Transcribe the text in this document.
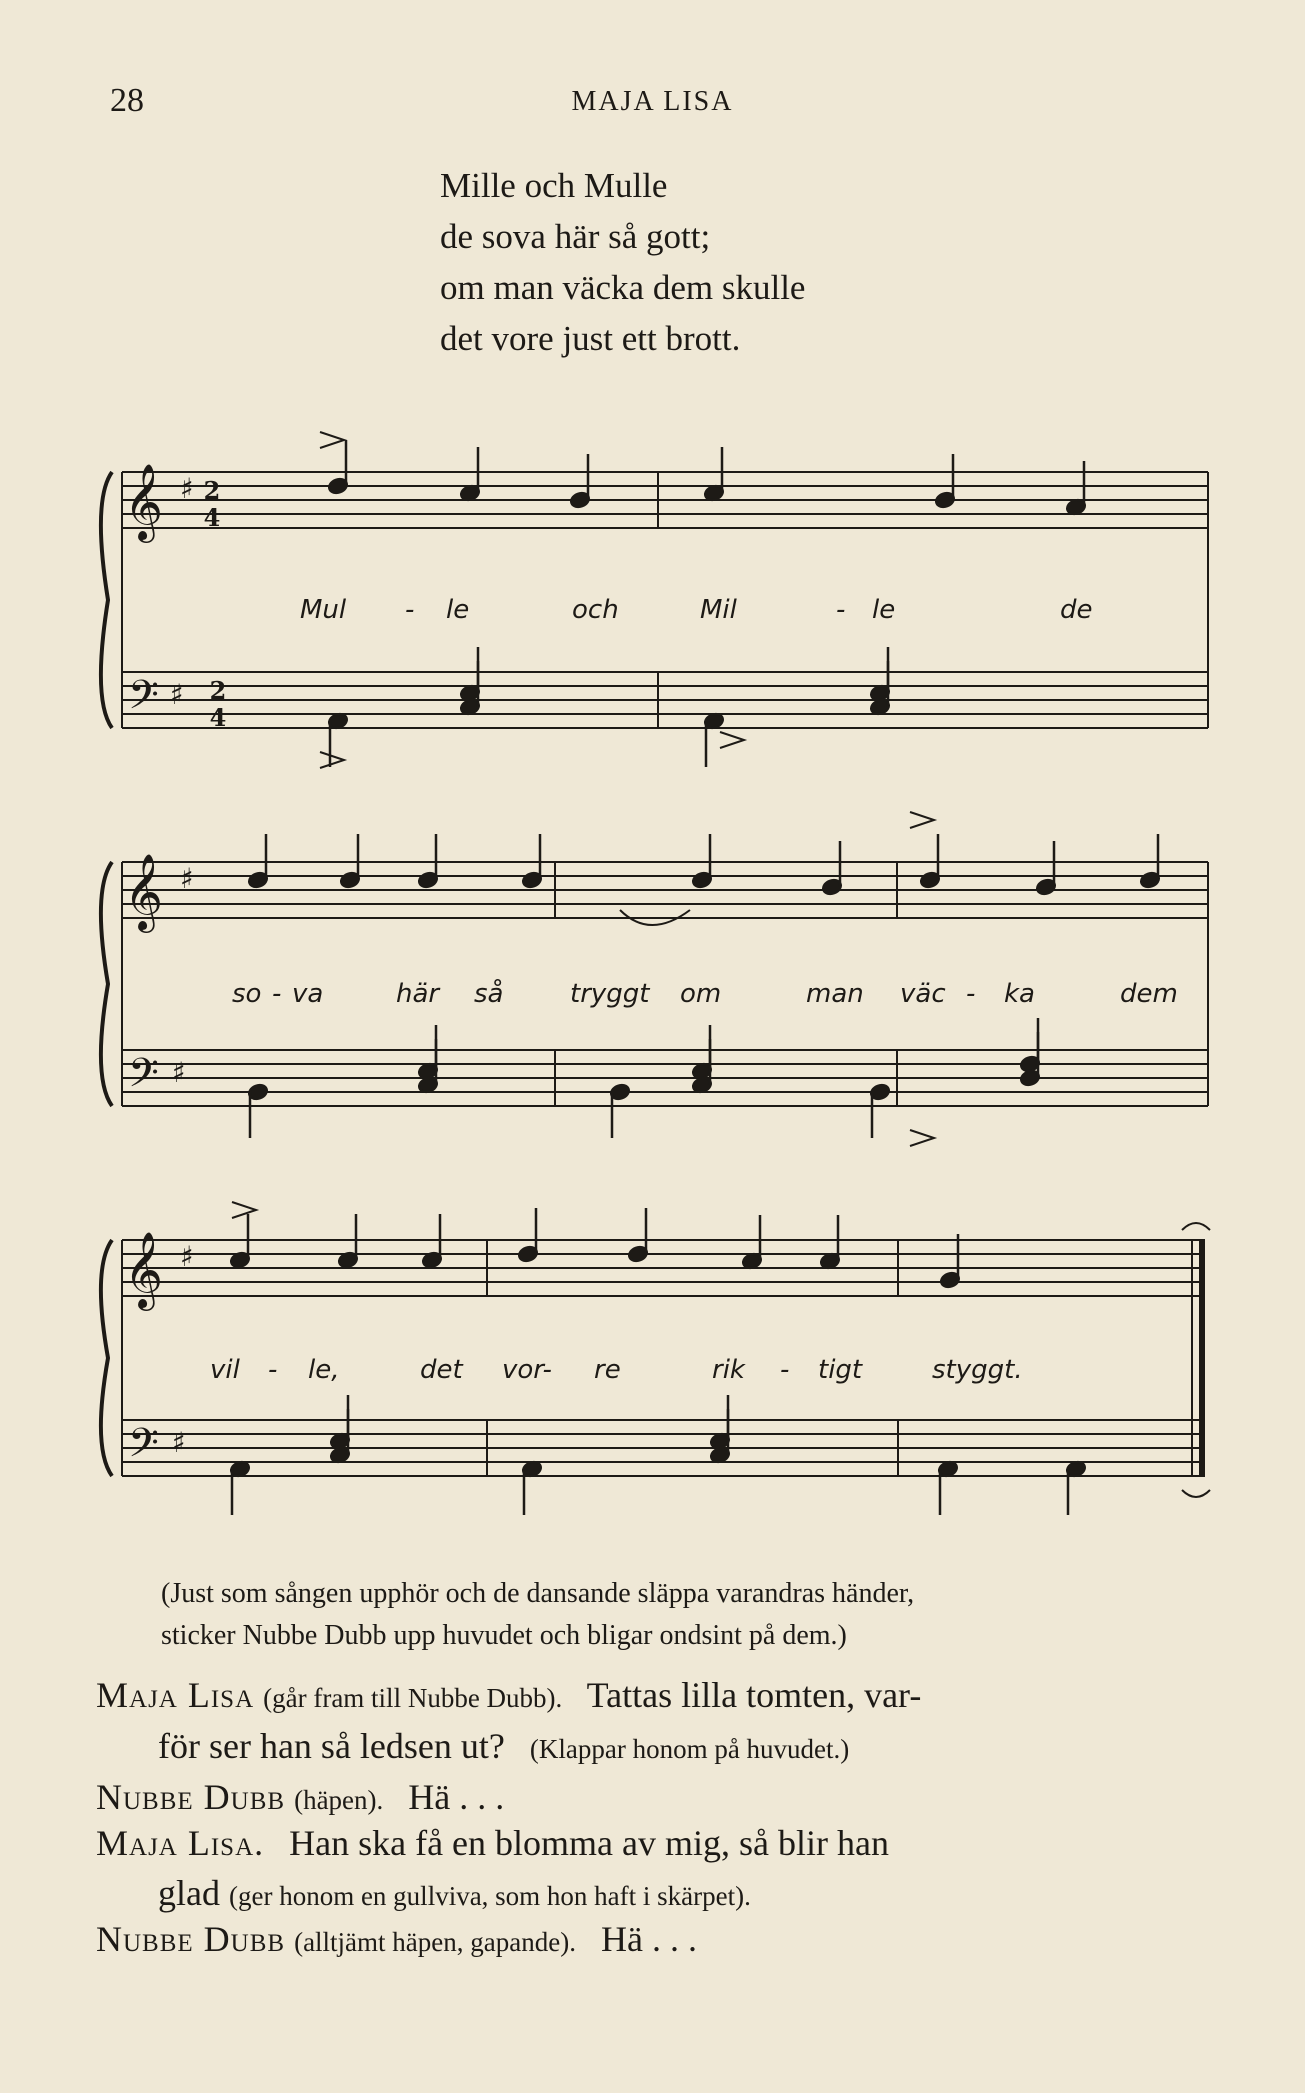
28	MAJA LISA
Mille och Mulle
de sova här så gott;
om man väcka dem skulle
det vore just ett brott.
𝄞
𝄢
♯
♯
𝄞
𝄢
♯
♯
𝄞
𝄢
♯
♯
2
4
2
4
Mul - le	och	Mil	- le	de
so - va	här så	tryggt om	man väc - ka	dem
vil - le,	det vor- re	rik - tigt	styggt.
(Just som sången upphör och de dansande släppa varandras händer,
sticker Nubbe Dubb upp huvudet och bligar ondsint på dem.)
Maja Lisa (går fram till Nubbe Dubb). Tattas lilla tomten, var-
för ser han så ledsen ut? (Klappar honom på huvudet.)
Nubbe Dubb (häpen). Hä . . .
Maja Lisa. Han ska få en blomma av mig, så blir han
glad (ger honom en gullviva, som hon haft i skärpet).
Nubbe Dubb (alltjämt häpen, gapande). Hä . . .
